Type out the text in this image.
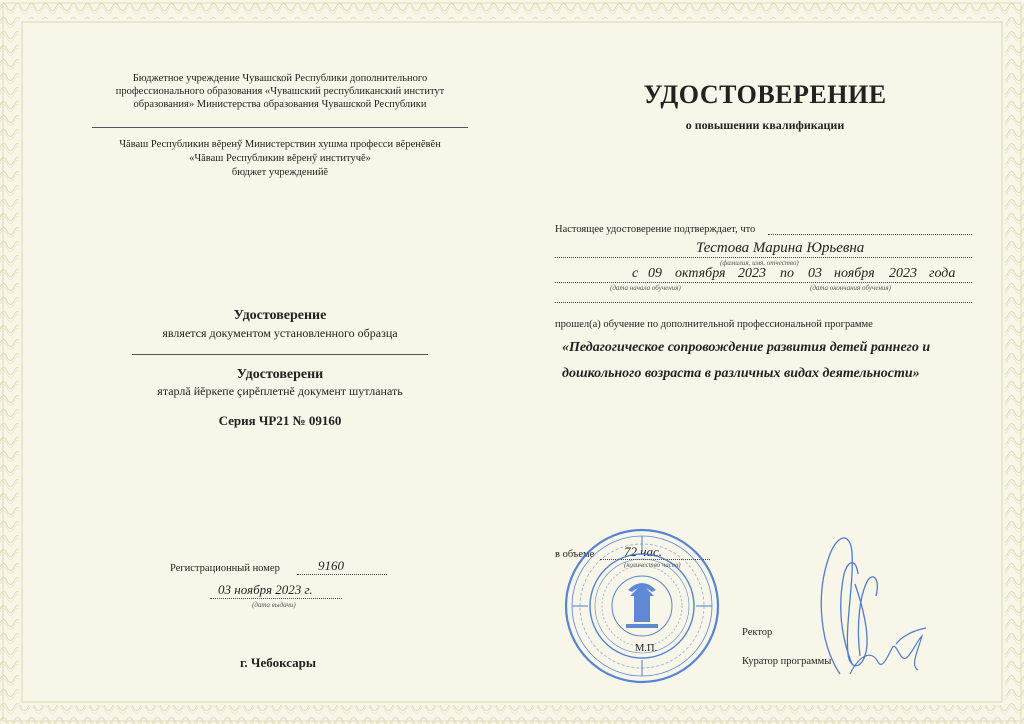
Бюджетное учреждение Чувашской Республики дополнительного
профессионального образования «Чувашский республиканский институт
образования» Министерства образования Чувашской Республики
Чăваш Республикин вĕренӳ Министерствин хушма професси вĕренĕвĕн
«Чăваш Республикин вĕренӳ институчĕ»
бюджет учрежденийĕ
Удостоверение
является документом установленного образца
Удостоверени
ятарлă йĕркепе çирĕплетнĕ документ шутланать
Серия ЧР21 № 09160
Регистрационный номер	9160
03 ноября 2023 г.
(дата выдачи)
г. Чебоксары
УДОСТОВЕРЕНИЕ
о повышении квалификации
Настоящее удостоверение подтверждает, что
Тестова Марина Юрьевна
(фамилия, имя, отчество)
с 09 октября 2023 по 03 ноября 2023 года
(дата начала обучения)	(дата окончания обучения)
прошел(а) обучение по дополнительной профессиональной программе
«Педагогическое сопровождение развития детей раннего и
дошкольного возраста в различных видах деятельности»
в объеме 72 час.
(количество часов)
М.П.
Ректор
Куратор программы
